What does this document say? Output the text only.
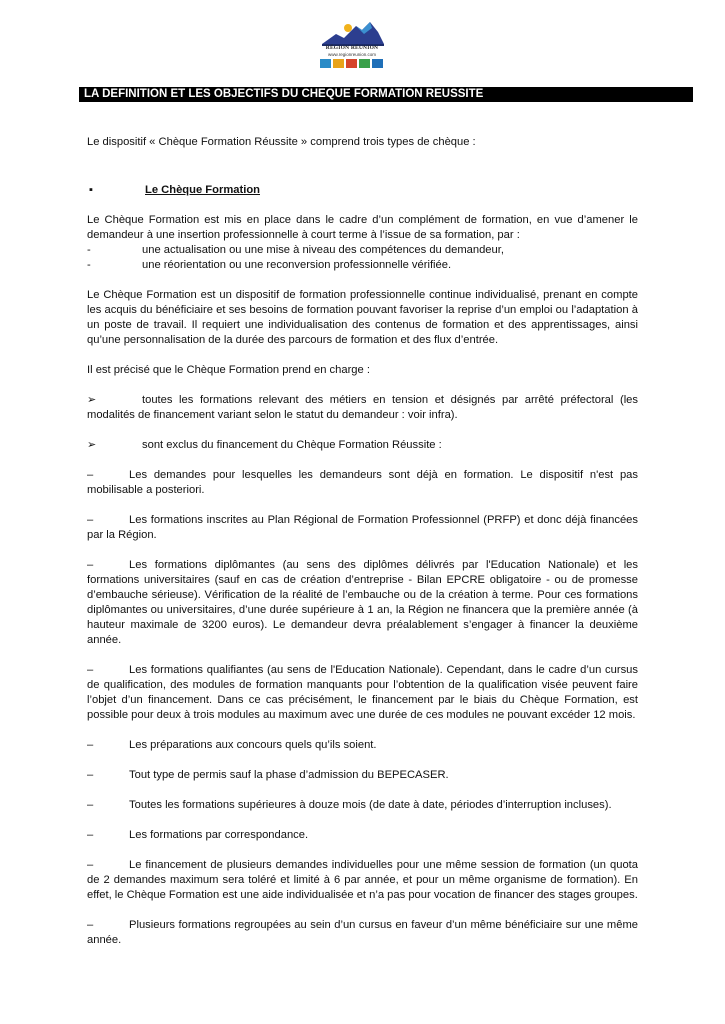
RÉGION RÉUNION
www.regionreunion.com
LA DEFINITION ET LES OBJECTIFS DU CHEQUE FORMATION REUSSITE

Le dispositif « Chèque Formation Réussite » comprend trois types de chèque :

▪	Le Chèque Formation

Le Chèque Formation est mis en place dans le cadre d’un complément de formation, en vue d’amener le demandeur à une insertion professionnelle à court terme à l’issue de sa formation, par :

-	une actualisation ou une mise à niveau des compétences du demandeur,
-	une réorientation ou une reconversion professionnelle vérifiée.

Le Chèque Formation est un dispositif de formation professionnelle continue individualisé, prenant en compte les acquis du bénéficiaire et ses besoins de formation pouvant favoriser la reprise d’un emploi ou l’adaptation à un poste de travail. Il requiert une individualisation des contenus de formation et des apprentissages, ainsi qu’une personnalisation de la durée des parcours de formation et des flux d’entrée.

Il est précisé que le Chèque Formation prend en charge :

➢	toutes les formations relevant des métiers en tension et désignés par arrêté préfectoral (les modalités de financement variant selon le statut du demandeur : voir infra).

➢	sont exclus du financement du Chèque Formation Réussite :

–	Les demandes pour lesquelles les demandeurs sont déjà en formation. Le dispositif n'est pas mobilisable a posteriori.

–	Les formations inscrites au Plan Régional de Formation Professionnel (PRFP) et donc déjà financées par la Région.

–	Les formations diplômantes (au sens des diplômes délivrés par l'Education Nationale) et les formations universitaires (sauf en cas de création d’entreprise - Bilan EPCRE obligatoire - ou de promesse d’embauche sérieuse). Vérification de la réalité de l’embauche ou de la création à terme. Pour ces formations diplômantes ou universitaires, d’une durée supérieure à 1 an, la Région ne financera que la première année (à hauteur maximale de 3200 euros). Le demandeur devra préalablement s’engager à financer la deuxième année.

–	Les formations qualifiantes (au sens de l'Education Nationale). Cependant, dans le cadre d’un cursus de qualification, des modules de formation manquants pour l’obtention de la qualification visée peuvent faire l’objet d’un financement. Dans ce cas précisément, le financement par le biais du Chèque Formation, est possible pour deux à trois modules au maximum avec une durée de ces modules ne pouvant excéder 12 mois.

–	Les préparations aux concours quels qu’ils soient.

–	Tout type de permis sauf la phase d’admission du BEPECASER.

–	Toutes les formations supérieures à douze mois (de date à date, périodes d’interruption incluses).

–	Les formations par correspondance.

–	Le financement de plusieurs demandes individuelles pour une même session de formation (un quota de 2 demandes maximum sera toléré et limité à 6 par année, et pour un même organisme de formation). En effet, le Chèque Formation est une aide individualisée et n’a pas pour vocation de financer des stages groupes.

–	Plusieurs formations regroupées au sein d’un cursus en faveur d’un même bénéficiaire sur une même année.
